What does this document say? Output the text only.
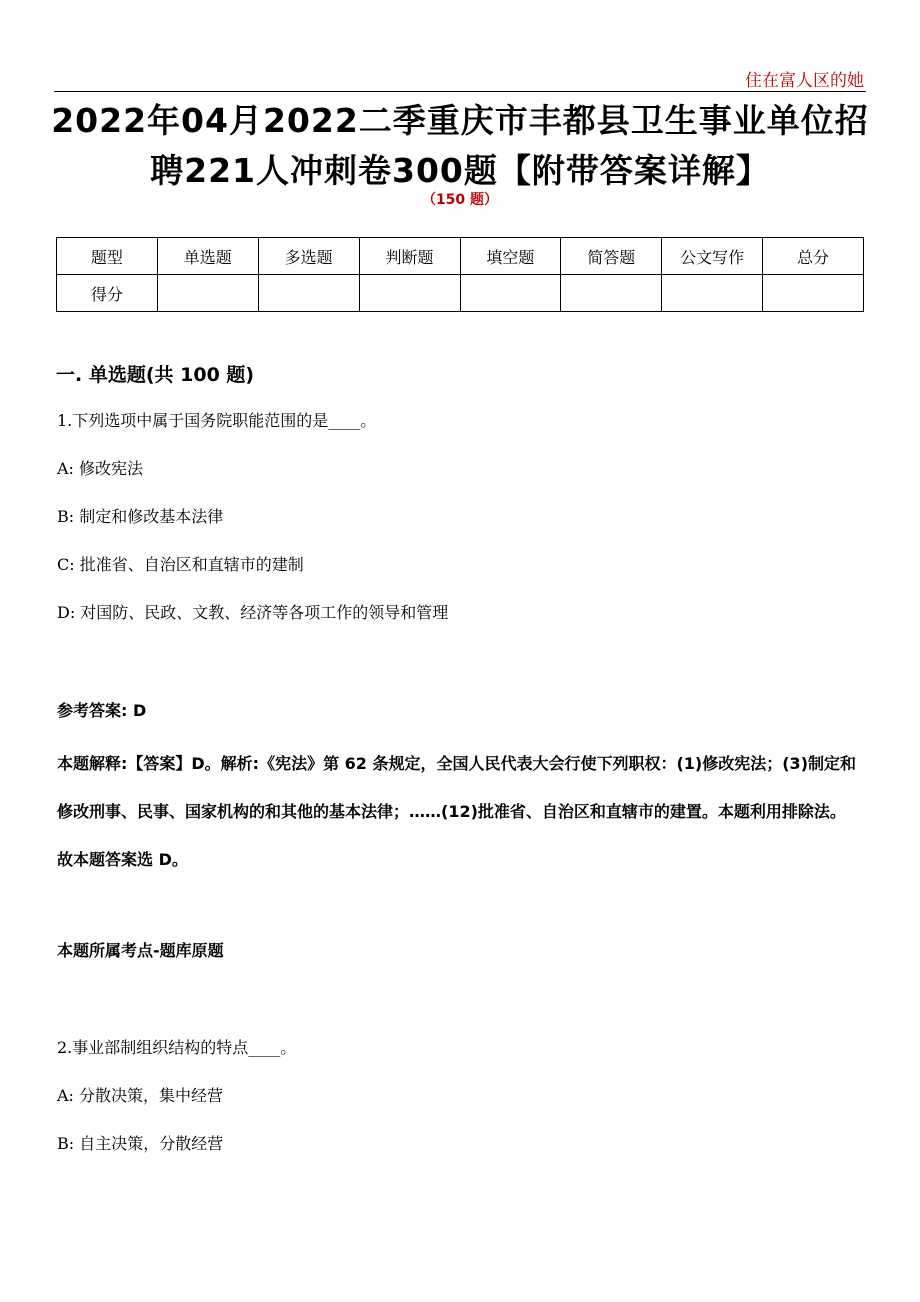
住在富人区的她
2022年04月2022二季重庆市丰都县卫生事业单位招聘221人冲刺卷300题【附带答案详解】
（150 题）
题型	单选题	多选题	判断题	填空题	简答题	公文写作	总分
得分							
一. 单选题(共 100 题)
1.下列选项中属于国务院职能范围的是____。
A: 修改宪法
B: 制定和修改基本法律
C: 批准省、自治区和直辖市的建制
D: 对国防、民政、文教、经济等各项工作的领导和管理
参考答案: D

本题解释:【答案】D。解析:《宪法》第 62 条规定，全国人民代表大会行使下列职权：(1)修改宪法；(3)制定和修改刑事、民事、国家机构的和其他的基本法律；……(12)批准省、自治区和直辖市的建置。本题利用排除法。故本题答案选 D。

本题所属考点-题库原题
2.事业部制组织结构的特点____。
A: 分散决策，集中经营
B: 自主决策，分散经营
